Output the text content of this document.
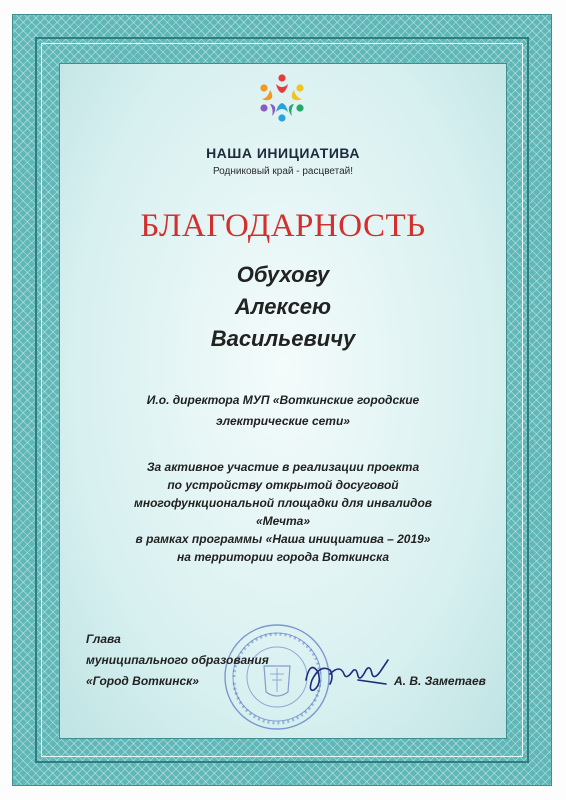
НАША ИНИЦИАТИВА
Родниковый край - расцветай!
БЛАГОДАРНОСТЬ
Обухову
Алексею
Васильевичу
И.о. директора МУП «Воткинские городские
электрические сети»
За активное участие в реализации проекта
по устройству открытой досуговой
многофункциональной площадки для инвалидов
«Мечта»
в рамках программы «Наша инициатива – 2019»
на территории города Воткинска
Глава
муниципального образования
«Город Воткинск»	А. В. Заметаев
